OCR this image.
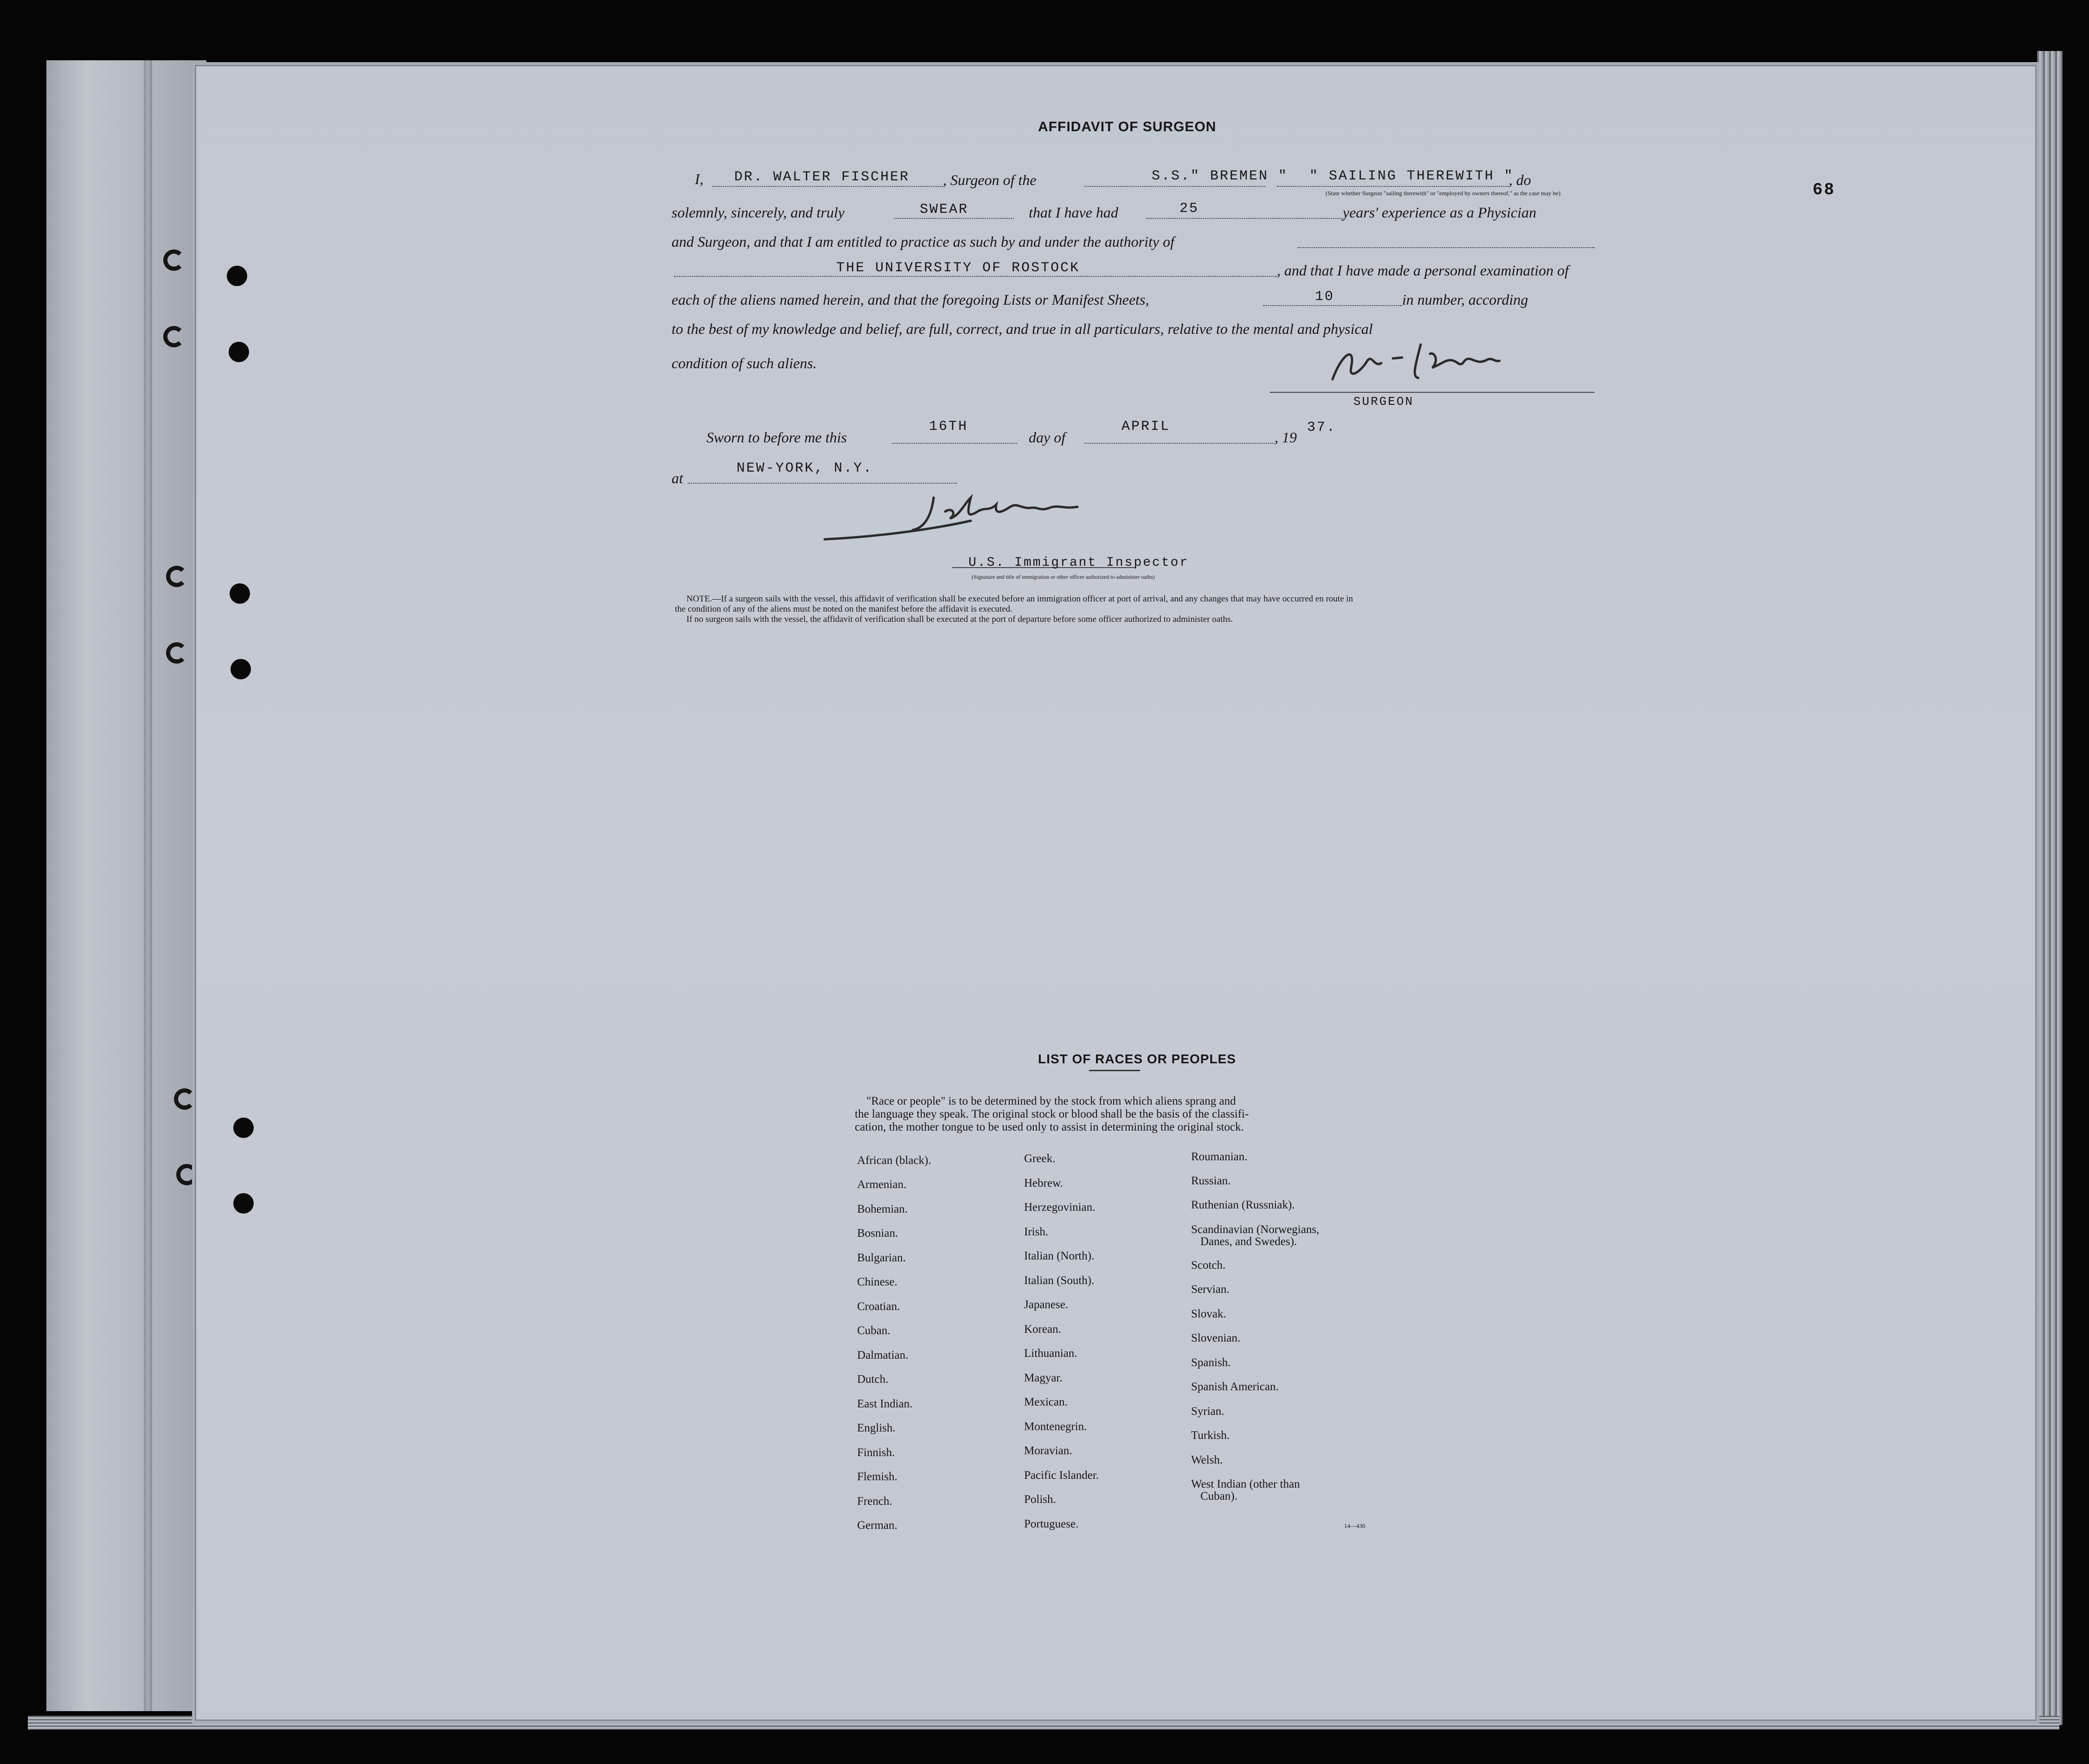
68
AFFIDAVIT OF SURGEON
I, DR. WALTER FISCHER , Surgeon of the	S.S." BREMEN " " SAILING THEREWITH "
, do
(State whether Surgeon "sailing therewith" or "employed by owners thereof," as the case may be)
solemnly, sincerely, and truly	SWEAR	that I have had	25	years' experience as a Physician
and Surgeon, and that I am entitled to practice as such by and under the authority of
THE UNIVERSITY OF ROSTOCK	, and that I have made a personal examination of
each of the aliens named herein, and that the foregoing Lists or Manifest Sheets,	10	in number, according
to the best of my knowledge and belief, are full, correct, and true in all particulars, relative to the mental and physical
condition of such aliens.
SURGEON
Sworn to before me this
16TH
day of
APRIL
, 19
37.
at
NEW-YORK, N.Y.
U.S. Immigrant Inspector
(Signature and title of immigration or other officer authorized to administer oaths)
NOTE.—If a surgeon sails with the vessel, this affidavit of verification shall be executed before an immigration officer at port of arrival, and any changes that may have occurred en route in
the condition of any of the aliens must be noted on the manifest before the affidavit is executed.
If no surgeon sails with the vessel, the affidavit of verification shall be executed at the port of departure before some officer authorized to administer oaths.
LIST OF RACES OR PEOPLES
"Race or people" is to be determined by the stock from which aliens sprang and
the language they speak. The original stock or blood shall be the basis of the classifi-
cation, the mother tongue to be used only to assist in determining the original stock.
African (black).
Armenian.
Bohemian.
Bosnian.
Bulgarian.
Chinese.
Croatian.
Cuban.
Dalmatian.
Dutch.
East Indian.
English.
Finnish.
Flemish.
French.
German.
Greek.
Hebrew.
Herzegovinian.
Irish.
Italian (North).
Italian (South).
Japanese.
Korean.
Lithuanian.
Magyar.
Mexican.
Montenegrin.
Moravian.
Pacific Islander.
Polish.
Portuguese.
Roumanian.
Russian.
Ruthenian (Russniak).
Scandinavian (Norwegians,
Danes, and Swedes).
Scotch.
Servian.
Slovak.
Slovenian.
Spanish.
Spanish American.
Syrian.
Turkish.
Welsh.
West Indian (other than
Cuban).
14—430
